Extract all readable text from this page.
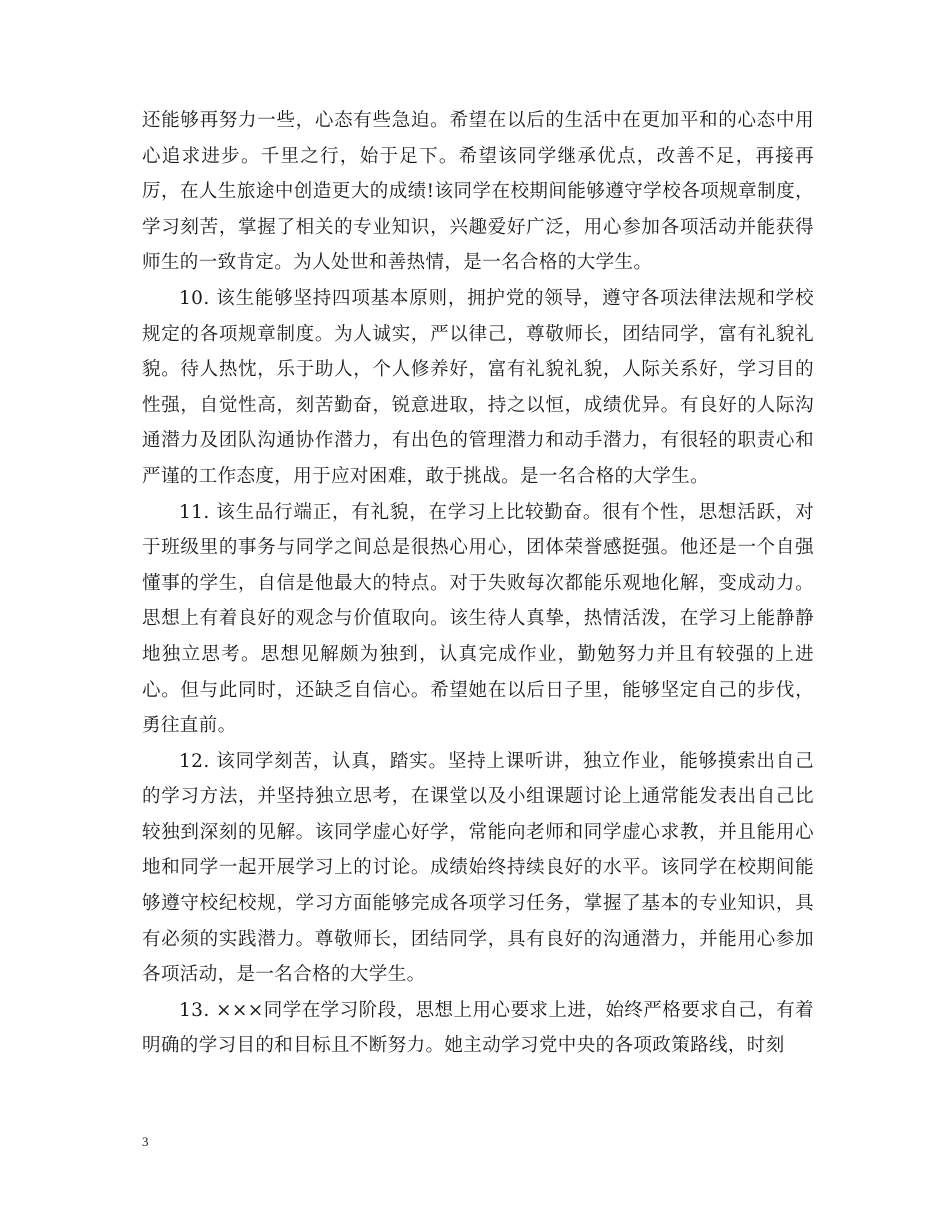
还能够再努力一些，心态有些急迫。希望在以后的生活中在更加平和的心态中用心追求进步。千里之行，始于足下。希望该同学继承优点，改善不足，再接再厉，在人生旅途中创造更大的成绩!该同学在校期间能够遵守学校各项规章制度，学习刻苦，掌握了相关的专业知识，兴趣爱好广泛，用心参加各项活动并能获得师生的一致肯定。为人处世和善热情，是一名合格的大学生。

10. 该生能够坚持四项基本原则，拥护党的领导，遵守各项法律法规和学校规定的各项规章制度。为人诚实，严以律己，尊敬师长，团结同学，富有礼貌礼貌。待人热忱，乐于助人，个人修养好，富有礼貌礼貌，人际关系好，学习目的性强，自觉性高，刻苦勤奋，锐意进取，持之以恒，成绩优异。有良好的人际沟通潜力及团队沟通协作潜力，有出色的管理潜力和动手潜力，有很轻的职责心和严谨的工作态度，用于应对困难，敢于挑战。是一名合格的大学生。

11. 该生品行端正，有礼貌，在学习上比较勤奋。很有个性，思想活跃，对于班级里的事务与同学之间总是很热心用心，团体荣誉感挺强。他还是一个自强懂事的学生，自信是他最大的特点。对于失败每次都能乐观地化解，变成动力。思想上有着良好的观念与价值取向。该生待人真挚，热情活泼，在学习上能静静地独立思考。思想见解颇为独到，认真完成作业，勤勉努力并且有较强的上进心。但与此同时，还缺乏自信心。希望她在以后日子里，能够坚定自己的步伐，勇往直前。

12. 该同学刻苦，认真，踏实。坚持上课听讲，独立作业，能够摸索出自己的学习方法，并坚持独立思考，在课堂以及小组课题讨论上通常能发表出自己比较独到深刻的见解。该同学虚心好学，常能向老师和同学虚心求教，并且能用心地和同学一起开展学习上的讨论。成绩始终持续良好的水平。该同学在校期间能够遵守校纪校规，学习方面能够完成各项学习任务，掌握了基本的专业知识，具有必须的实践潜力。尊敬师长，团结同学，具有良好的沟通潜力，并能用心参加各项活动，是一名合格的大学生。

13. ×××同学在学习阶段，思想上用心要求上进，始终严格要求自己，有着明确的学习目的和目标且不断努力。她主动学习党中央的各项政策路线，时刻

3
